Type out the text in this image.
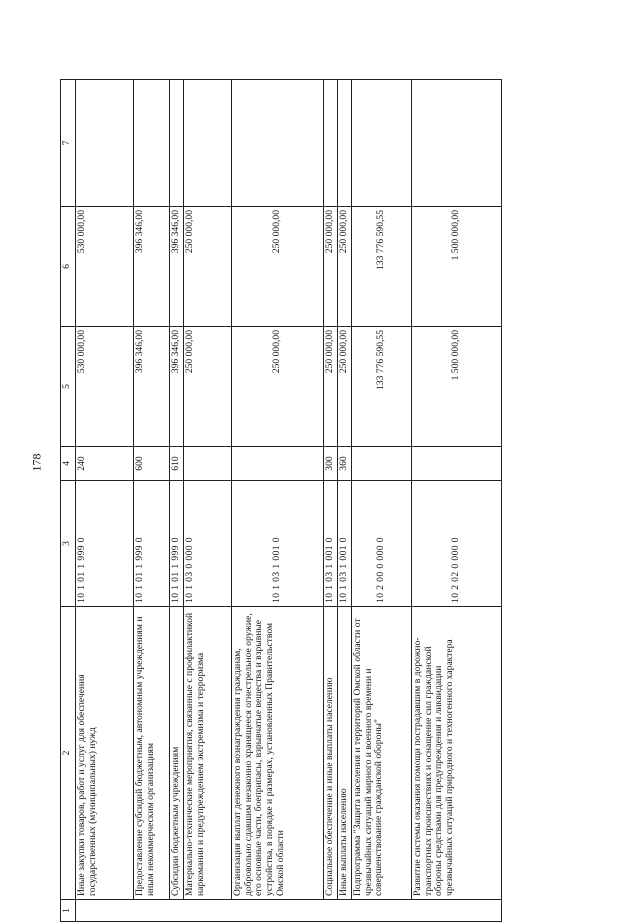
178
1	2	3	4	5	6	7
	Иные закупки товаров, работ и услуг для обеспечения государственных (муниципальных) нужд	10 1 01 1 999 0	240	530 000,00	530 000,00	
	Предоставление субсидий бюджетным, автономным учреждениям и иным некоммерческим организациям	10 1 01 1 999 0	600	396 346,00	396 346,00	
	Субсидии бюджетным учреждениям	10 1 01 1 999 0	610	396 346,00	396 346,00	
	Материально-технические мероприятия, связанные с профилактикой наркомании и предупреждением экстремизма и терроризма	10 1 03 0 000 0		250 000,00	250 000,00	
	Организация выплат денежного вознаграждения гражданам, добровольно сдавшим незаконно хранящееся огнестрельное оружие, его основные части, боеприпасы, взрывчатые вещества и взрывные устройства, в порядке и размерах, установленных Правительством Омской области	10 1 03 1 001 0		250 000,00	250 000,00	
	Социальное обеспечение и иные выплаты населению	10 1 03 1 001 0	300	250 000,00	250 000,00	
	Иные выплаты населению	10 1 03 1 001 0	360	250 000,00	250 000,00	
	Подпрограмма "Защита населения и территорий Омской области от чрезвычайных ситуаций мирного и военного времени и совершенствование гражданской обороны"	10 2 00 0 000 0		133 776 590,55	133 776 590,55	
	Развитие системы оказания помощи пострадавшим в дорожно-транспортных происшествиях и оснащение сил гражданской обороны средствами для предупреждения и ликвидации чрезвычайных ситуаций природного и техногенного характера	10 2 02 0 000 0		1 500 000,00	1 500 000,00	
